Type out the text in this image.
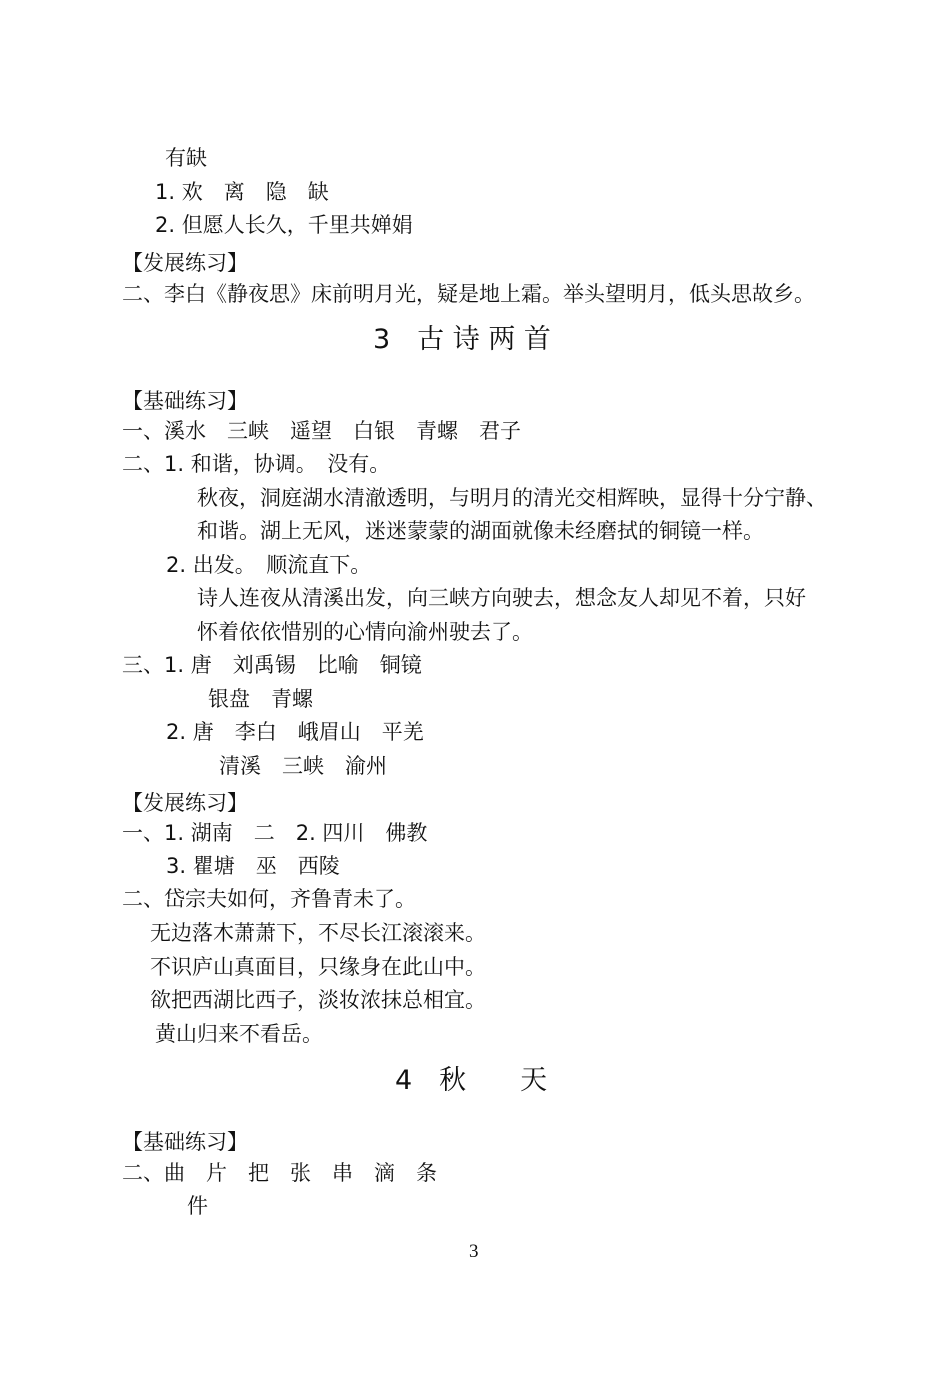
有缺
1. 欢　离　隐　缺
2. 但愿人长久，千里共婵娟
【发展练习】
二、李白《静夜思》床前明月光，疑是地上霜。举头望明月，低头思故乡。
3　古 诗 两 首
【基础练习】
一、溪水　三峡　遥望　白银　青螺　君子
二、1. 和谐，协调。　没有。
秋夜，洞庭湖水清澈透明，与明月的清光交相辉映，显得十分宁静、
和谐。湖上无风，迷迷蒙蒙的湖面就像未经磨拭的铜镜一样。
2. 出发。　顺流直下。
诗人连夜从清溪出发，向三峡方向驶去，想念友人却见不着，只好
怀着依依惜别的心情向渝州驶去了。
三、1. 唐　刘禹锡　比喻　铜镜
银盘　青螺
2. 唐　李白　峨眉山　平羌
清溪　三峡　渝州
【发展练习】
一、1. 湖南　二　2. 四川　佛教
3. 瞿塘　巫　西陵
二、岱宗夫如何，齐鲁青未了。
无边落木萧萧下，不尽长江滚滚来。
不识庐山真面目，只缘身在此山中。
欲把西湖比西子，淡妆浓抹总相宜。
黄山归来不看岳。
4　秋　　天
【基础练习】
二、曲　片　把　张　串　滴　条
件
3
